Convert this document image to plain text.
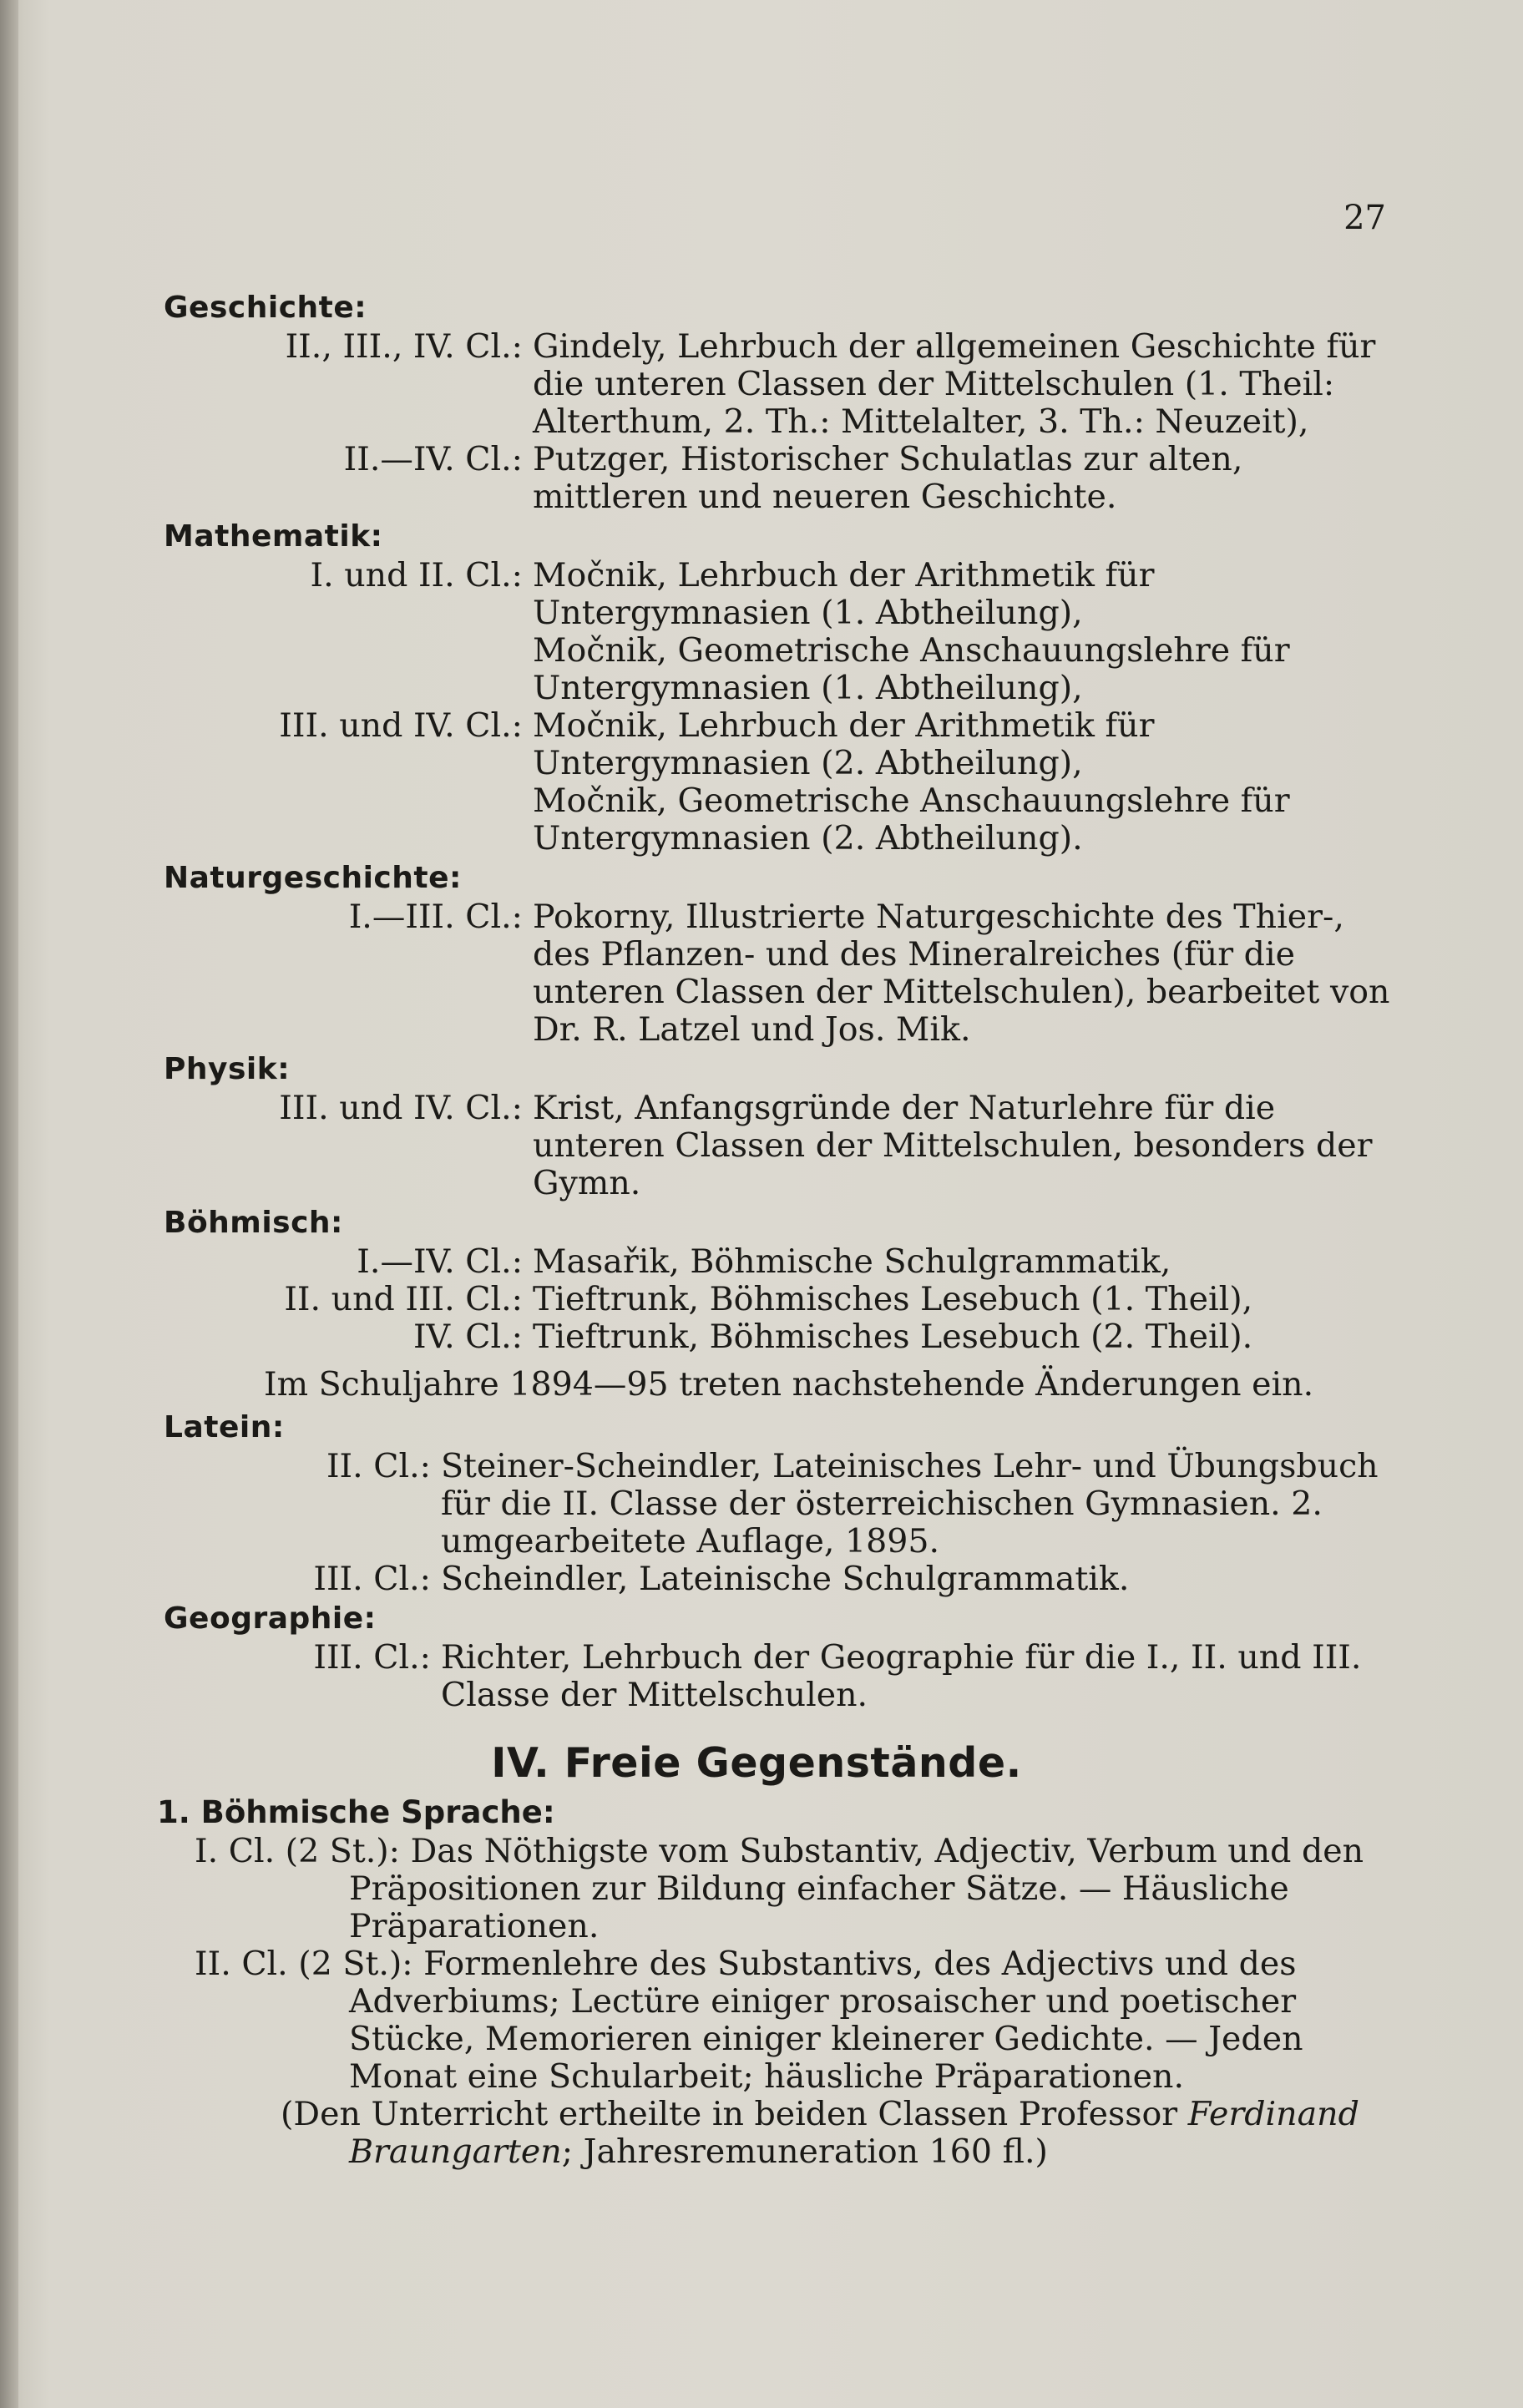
27
Geschichte:
II., III., IV. Cl.: Gindely, Lehrbuch der allgemeinen Geschichte für die unteren Classen der Mittelschulen (1. Theil: Alterthum, 2. Th.: Mittelalter, 3. Th.: Neuzeit),
II.—IV. Cl.: Putzger, Historischer Schulatlas zur alten, mittleren und neueren Geschichte.
Mathematik:
I. und II. Cl.: Močnik, Lehrbuch der Arithmetik für Untergymnasien (1. Abtheilung),
Močnik, Geometrische Anschauungslehre für Untergymnasien (1. Abtheilung),
III. und IV. Cl.: Močnik, Lehrbuch der Arithmetik für Untergymnasien (2. Abtheilung),
Močnik, Geometrische Anschauungslehre für Untergymnasien (2. Abtheilung).
Naturgeschichte:
I.—III. Cl.: Pokorny, Illustrierte Naturgeschichte des Thier-, des Pflanzen- und des Mineralreiches (für die unteren Classen der Mittelschulen), bearbeitet von Dr. R. Latzel und Jos. Mik.
Physik:
III. und IV. Cl.: Krist, Anfangsgründe der Naturlehre für die unteren Classen der Mittelschulen, besonders der Gymn.
Böhmisch:
I.—IV. Cl.: Masařik, Böhmische Schulgrammatik,
II. und III. Cl.: Tieftrunk, Böhmisches Lesebuch (1. Theil),
IV. Cl.: Tieftrunk, Böhmisches Lesebuch (2. Theil).
Im Schuljahre 1894—95 treten nachstehende Änderungen ein.
Latein:
II. Cl.: Steiner-Scheindler, Lateinisches Lehr- und Übungsbuch für die II. Classe der österreichischen Gymnasien. 2. umgearbeitete Auflage, 1895.
III. Cl.: Scheindler, Lateinische Schulgrammatik.
Geographie:
III. Cl.: Richter, Lehrbuch der Geographie für die I., II. und III. Classe der Mittelschulen.
IV. Freie Gegenstände.
1. Böhmische Sprache:
I. Cl. (2 St.): Das Nöthigste vom Substantiv, Adjectiv, Verbum und den Präpositionen zur Bildung einfacher Sätze. — Häusliche Präparationen.
II. Cl. (2 St.): Formenlehre des Substantivs, des Adjectivs und des Adverbiums; Lectüre einiger prosaischer und poetischer Stücke, Memorieren einiger kleinerer Gedichte. — Jeden Monat eine Schularbeit; häusliche Präparationen.
(Den Unterricht ertheilte in beiden Classen Professor Ferdinand Braungarten; Jahresremuneration 160 fl.)
